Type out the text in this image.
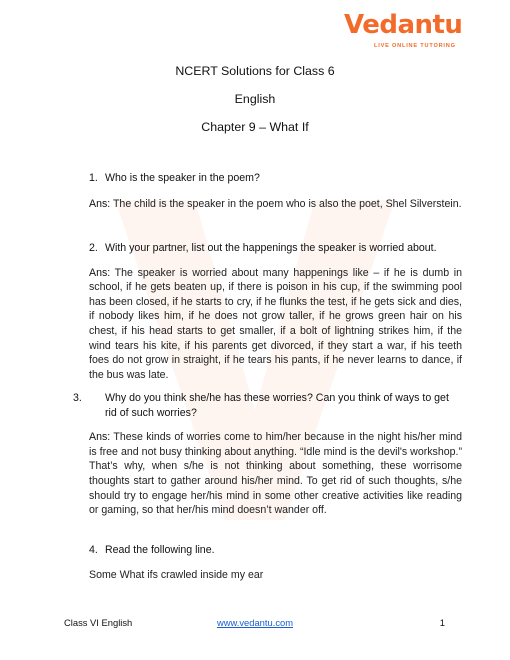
Vedantu
LIVE ONLINE TUTORING
NCERT Solutions for Class 6
English
Chapter 9 – What If
1. Who is the speaker in the poem?
Ans: The child is the speaker in the poem who is also the poet, Shel Silverstein.
2. With your partner, list out the happenings the speaker is worried about.
Ans: The speaker is worried about many happenings like – if he is dumb in school, if he gets beaten up, if there is poison in his cup, if the swimming pool has been closed, if he starts to cry, if he flunks the test, if he gets sick and dies, if nobody likes him, if he does not grow taller, if he grows green hair on his chest, if his head starts to get smaller, if a bolt of lightning strikes him, if the wind tears his kite, if his parents get divorced, if they start a war, if his teeth foes do not grow in straight, if he tears his pants, if he never learns to dance, if the bus was late.
3. Why do you think she/he has these worries? Can you think of ways to get rid of such worries?
Ans: These kinds of worries come to him/her because in the night his/her mind is free and not busy thinking about anything. “Idle mind is the devil's workshop.” That’s why, when s/he is not thinking about something, these worrisome thoughts start to gather around his/her mind. To get rid of such thoughts, s/he should try to engage her/his mind in some other creative activities like reading or gaming, so that her/his mind doesn’t wander off.
4. Read the following line.
Some What ifs crawled inside my ear
Class VI English	www.vedantu.com	1
